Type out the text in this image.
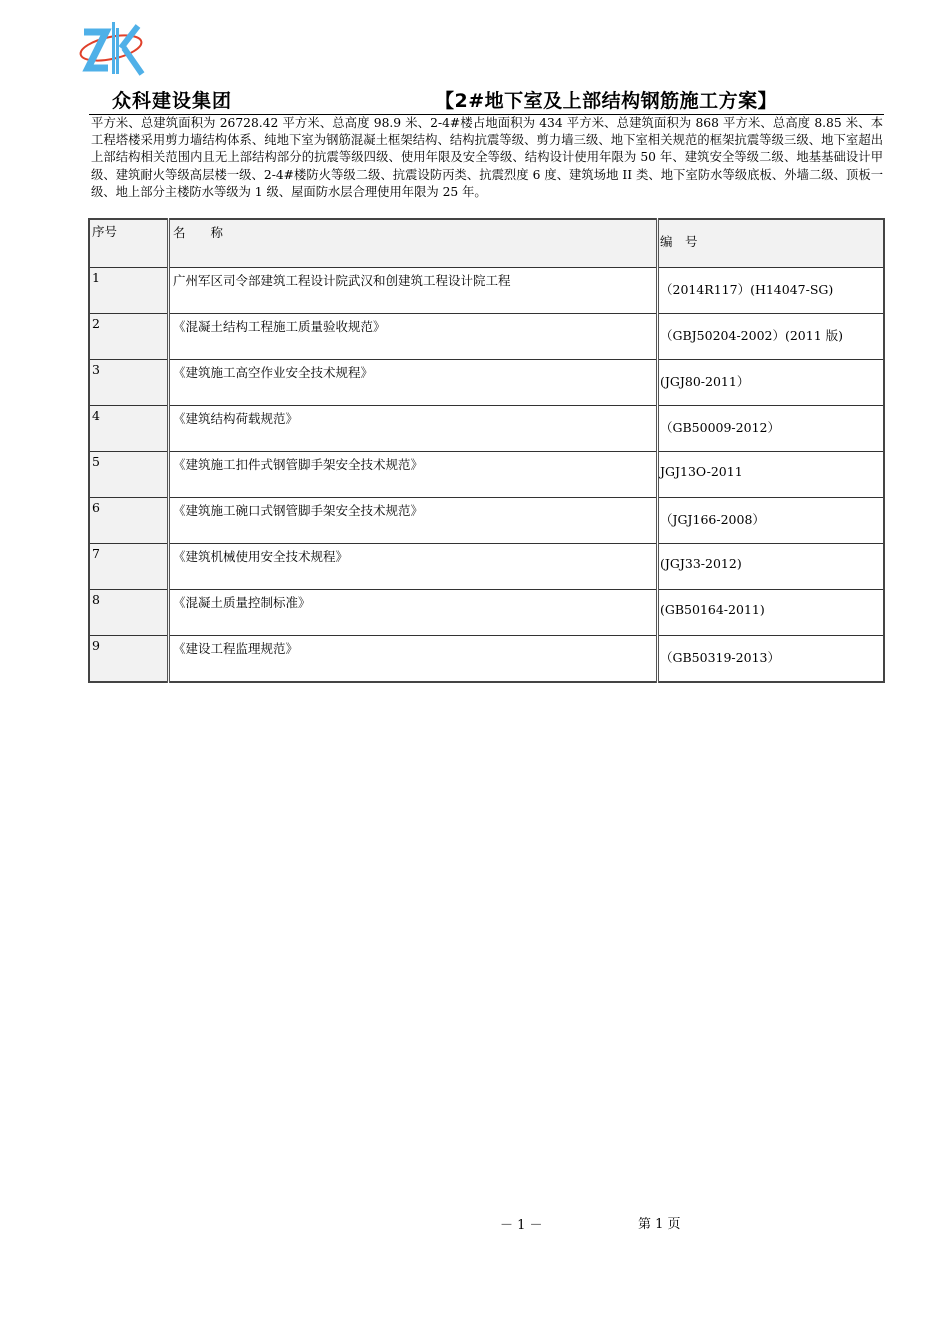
众科建设集团	【2#地下室及上部结构钢筋施工方案】
平方米、总建筑面积为 26728.42 平方米、总高度 98.9 米、2-4#楼占地面积为 434 平方米、总建筑面积为 868 平方米、总高度 8.85 米、本工程塔楼采用剪力墙结构体系、纯地下室为钢筋混凝土框架结构、结构抗震等级、剪力墙三级、地下室相关规范的框架抗震等级三级、地下室超出上部结构相关范围内且无上部结构部分的抗震等级四级、使用年限及安全等级、结构设计使用年限为 50 年、建筑安全等级二级、地基基础设计甲级、建筑耐火等级高层楼一级、2-4#楼防火等级二级、抗震设防丙类、抗震烈度 6 度、建筑场地 II 类、地下室防水等级底板、外墙二级、顶板一级、地上部分主楼防水等级为 1 级、屋面防水层合理使用年限为 25 年。
序号	名　　称	编　号
1	广州军区司令部建筑工程设计院武汉和创建筑工程设计院工程	（2014R117）(H14047-SG)
2	《混凝土结构工程施工质量验收规范》	（GBJ50204-2002）(2011 版)
3	《建筑施工高空作业安全技术规程》	(JGJ80-2011）
4	《建筑结构荷载规范》	（GB50009-2012）
5	《建筑施工扣件式钢管脚手架安全技术规范》	JGJ13O-2011
6	《建筑施工碗口式钢管脚手架安全技术规范》	（JGJ166-2008）
7	《建筑机械使用安全技术规程》	(JGJ33-2012)
8	《混凝土质量控制标准》	(GB50164-2011)
9	《建设工程监理规范》	（GB50319-2013）
－ 1 －	第 1 页
